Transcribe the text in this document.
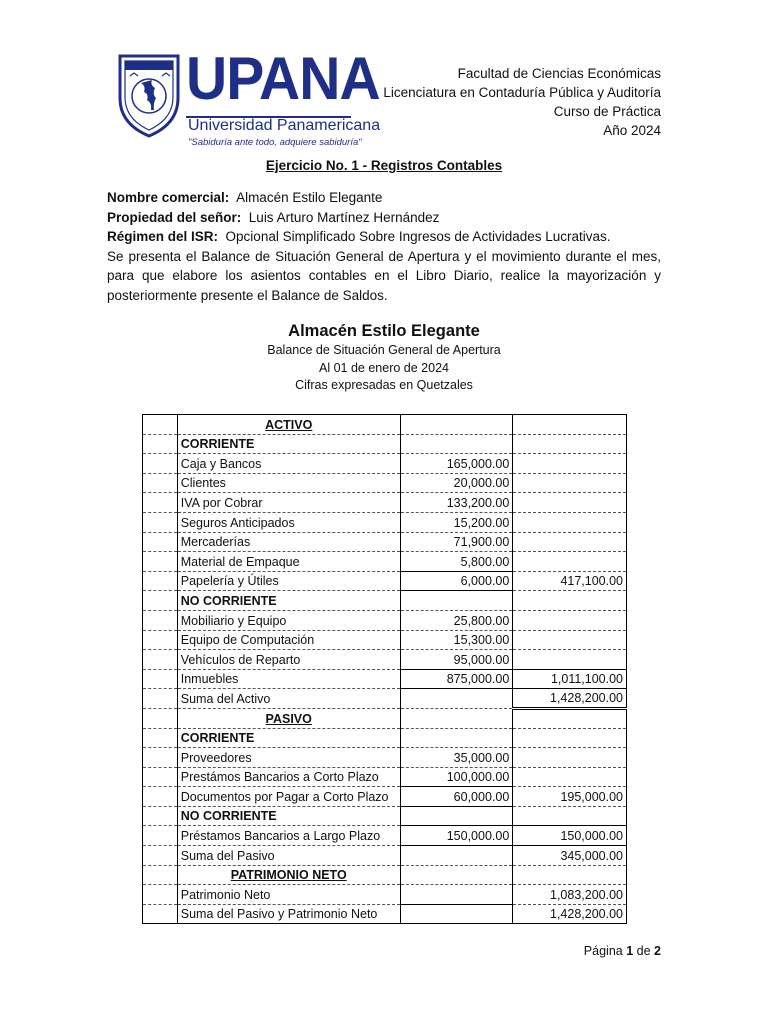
UPANA
Universidad Panamericana
"Sabiduría ante todo, adquiere sabiduría"
Facultad de Ciencias Económicas
Licenciatura en Contaduría Pública y Auditoría
Curso de Práctica
Año 2024
Ejercicio No. 1 - Registros Contables
Nombre comercial: Almacén Estilo Elegante
Propiedad del señor: Luis Arturo Martínez Hernández
Régimen del ISR: Opcional Simplificado Sobre Ingresos de Actividades Lucrativas.
Se presenta el Balance de Situación General de Apertura y el movimiento durante el mes, para que elabore los asientos contables en el Libro Diario, realice la mayorización y posteriormente presente el Balance de Saldos.
Almacén Estilo Elegante
Balance de Situación General de Apertura
Al 01 de enero de 2024
Cifras expresadas en Quetzales
	ACTIVO		
	CORRIENTE		
	Caja y Bancos	165,000.00	
	Clientes	20,000.00	
	IVA por Cobrar	133,200.00	
	Seguros Anticipados	15,200.00	
	Mercaderías	71,900.00	
	Material de Empaque	5,800.00	
	Papelería y Útiles	6,000.00	417,100.00
	NO CORRIENTE		
	Mobiliario y Equipo	25,800.00	
	Equipo de Computación	15,300.00	
	Vehículos de Reparto	95,000.00	
	Inmuebles	875,000.00	1,011,100.00
	Suma del Activo		1,428,200.00
	PASIVO		
	CORRIENTE		
	Proveedores	35,000.00	
	Prestámos Bancarios a Corto Plazo	100,000.00	
	Documentos por Pagar a Corto Plazo	60,000.00	195,000.00
	NO CORRIENTE		
	Préstamos Bancarios a Largo Plazo	150,000.00	150,000.00
	Suma del Pasivo		345,000.00
	PATRIMONIO NETO		
	Patrimonio Neto		1,083,200.00
	Suma del Pasivo y Patrimonio Neto		1,428,200.00
Página 1 de 2
